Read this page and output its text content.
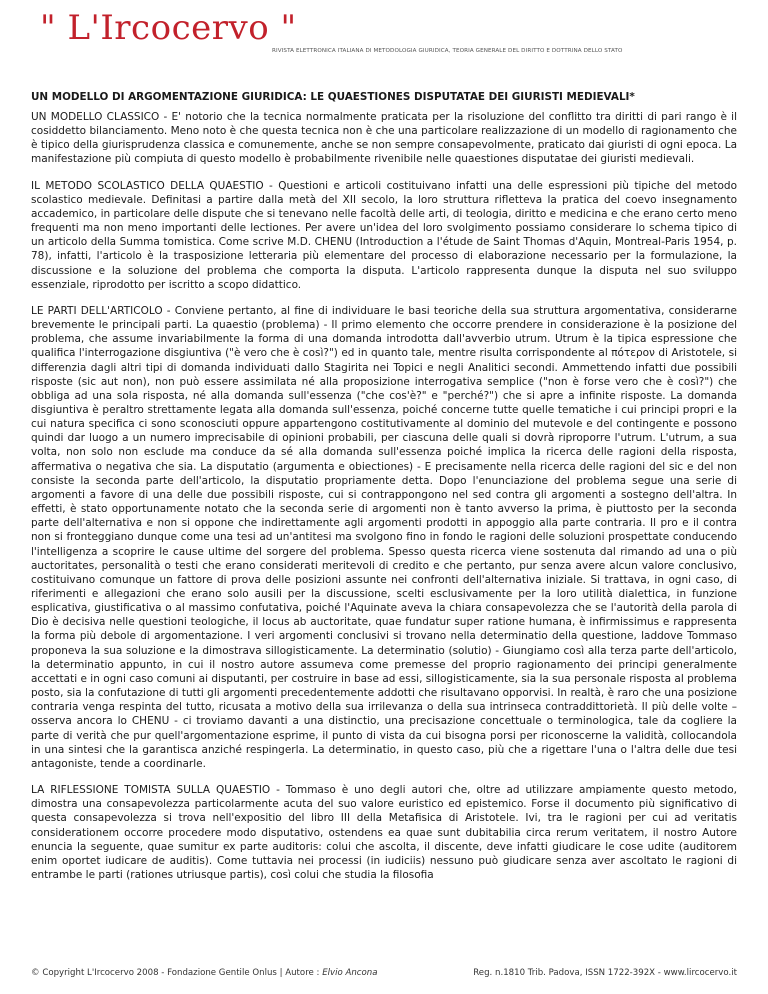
" L'Ircocervo "
RIVISTA ELETTRONICA ITALIANA DI METODOLOGIA GIURIDICA, TEORIA GENERALE DEL DIRITTO E DOTTRINA DELLO STATO
UN MODELLO DI ARGOMENTAZIONE GIURIDICA: LE QUAESTIONES DISPUTATAE DEI GIURISTI MEDIEVALI*

UN MODELLO CLASSICO - E' notorio che la tecnica normalmente praticata per la risoluzione del conflitto tra diritti di pari rango è il cosiddetto bilanciamento. Meno noto è che questa tecnica non è che una particolare realizzazione di un modello di ragionamento che è tipico della giurisprudenza classica e comunemente, anche se non sempre consapevolmente, praticato dai giuristi di ogni epoca. La manifestazione più compiuta di questo modello è probabilmente rivenibile nelle quaestiones disputatae dei giuristi medievali.

IL METODO SCOLASTICO DELLA QUAESTIO - Questioni e articoli costituivano infatti una delle espressioni più tipiche del metodo scolastico medievale. Definitasi a partire dalla metà del XII secolo, la loro struttura rifletteva la pratica del coevo insegnamento accademico, in particolare delle dispute che si tenevano nelle facoltà delle arti, di teologia, diritto e medicina e che erano certo meno frequenti ma non meno importanti delle lectiones. Per avere un'idea del loro svolgimento possiamo considerare lo schema tipico di un articolo della Summa tomistica. Come scrive M.D. CHENU (Introduction a l'étude de Saint Thomas d'Aquin, Montreal-Paris 1954, p. 78), infatti, l'articolo è la trasposizione letteraria più elementare del processo di elaborazione necessario per la formulazione, la discussione e la soluzione del problema che comporta la disputa. L'articolo rappresenta dunque la disputa nel suo sviluppo essenziale, riprodotto per iscritto a scopo didattico.

LE PARTI DELL'ARTICOLO - Conviene pertanto, al fine di individuare le basi teoriche della sua struttura argomentativa, considerarne brevemente le principali parti. La quaestio (problema) - Il primo elemento che occorre prendere in considerazione è la posizione del problema, che assume invariabilmente la forma di una domanda introdotta dall'avverbio utrum. Utrum è la tipica espressione che qualifica l'interrogazione disgiuntiva ("è vero che è così?") ed in quanto tale, mentre risulta corrispondente al πότερον di Aristotele, si differenzia dagli altri tipi di domanda individuati dallo Stagirita nei Topici e negli Analitici secondi. Ammettendo infatti due possibili risposte (sic aut non), non può essere assimilata né alla proposizione interrogativa semplice ("non è forse vero che è così?") che obbliga ad una sola risposta, né alla domanda sull'essenza ("che cos'è?" e "perché?") che si apre a infinite risposte. La domanda disgiuntiva è peraltro strettamente legata alla domanda sull'essenza, poiché concerne tutte quelle tematiche i cui principi propri e la cui natura specifica ci sono sconosciuti oppure appartengono costitutivamente al dominio del mutevole e del contingente e possono quindi dar luogo a un numero imprecisabile di opinioni probabili, per ciascuna delle quali si dovrà riproporre l'utrum. L'utrum, a sua volta, non solo non esclude ma conduce da sé alla domanda sull'essenza poiché implica la ricerca delle ragioni della risposta, affermativa o negativa che sia. La disputatio (argumenta e obiectiones) - E precisamente nella ricerca delle ragioni del sic e del non consiste la seconda parte dell'articolo, la disputatio propriamente detta. Dopo l'enunciazione del problema segue una serie di argomenti a favore di una delle due possibili risposte, cui si contrappongono nel sed contra gli argomenti a sostegno dell'altra. In effetti, è stato opportunamente notato che la seconda serie di argomenti non è tanto avverso la prima, è piuttosto per la seconda parte dell'alternativa e non si oppone che indirettamente agli argomenti prodotti in appoggio alla parte contraria. Il pro e il contra non si fronteggiano dunque come una tesi ad un'antitesi ma svolgono fino in fondo le ragioni delle soluzioni prospettate conducendo l'intelligenza a scoprire le cause ultime del sorgere del problema. Spesso questa ricerca viene sostenuta dal rimando ad una o più auctoritates, personalità o testi che erano considerati meritevoli di credito e che pertanto, pur senza avere alcun valore conclusivo, costituivano comunque un fattore di prova delle posizioni assunte nei confronti dell'alternativa iniziale. Si trattava, in ogni caso, di riferimenti e allegazioni che erano solo ausili per la discussione, scelti esclusivamente per la loro utilità dialettica, in funzione esplicativa, giustificativa o al massimo confutativa, poiché l'Aquinate aveva la chiara consapevolezza che se l'autorità della parola di Dio è decisiva nelle questioni teologiche, il locus ab auctoritate, quae fundatur super ratione humana, è infirmissimus e rappresenta la forma più debole di argomentazione. I veri argomenti conclusivi si trovano nella determinatio della questione, laddove Tommaso proponeva la sua soluzione e la dimostrava sillogisticamente. La determinatio (solutio) - Giungiamo così alla terza parte dell'articolo, la determinatio appunto, in cui il nostro autore assumeva come premesse del proprio ragionamento dei principi generalmente accettati e in ogni caso comuni ai disputanti, per costruire in base ad essi, sillogisticamente, sia la sua personale risposta al problema posto, sia la confutazione di tutti gli argomenti precedentemente addotti che risultavano opporvisi. In realtà, è raro che una posizione contraria venga respinta del tutto, ricusata a motivo della sua irrilevanza o della sua intrinseca contraddittorietà. Il più delle volte – osserva ancora lo CHENU - ci troviamo davanti a una distinctio, una precisazione concettuale o terminologica, tale da cogliere la parte di verità che pur quell'argomentazione esprime, il punto di vista da cui bisogna porsi per riconoscerne la validità, collocandola in una sintesi che la garantisca anziché respingerla. La determinatio, in questo caso, più che a rigettare l'una o l'altra delle due tesi antagoniste, tende a coordinarle.

LA RIFLESSIONE TOMISTA SULLA QUAESTIO - Tommaso è uno degli autori che, oltre ad utilizzare ampiamente questo metodo, dimostra una consapevolezza particolarmente acuta del suo valore euristico ed epistemico. Forse il documento più significativo di questa consapevolezza si trova nell'expositio del libro III della Metafisica di Aristotele. Ivi, tra le ragioni per cui ad veritatis considerationem occorre procedere modo disputativo, ostendens ea quae sunt dubitabilia circa rerum veritatem, il nostro Autore enuncia la seguente, quae sumitur ex parte auditoris: colui che ascolta, il discente, deve infatti giudicare le cose udite (auditorem enim oportet iudicare de auditis). Come tuttavia nei processi (in iudiciis) nessuno può giudicare senza aver ascoltato le ragioni di entrambe le parti (rationes utriusque partis), così colui che studia la filosofia

© Copyright L'Ircocervo 2008 - Fondazione Gentile Onlus | Autore : Elvio Ancona	Reg. n.1810 Trib. Padova, ISSN 1722-392X - www.lircocervo.it
